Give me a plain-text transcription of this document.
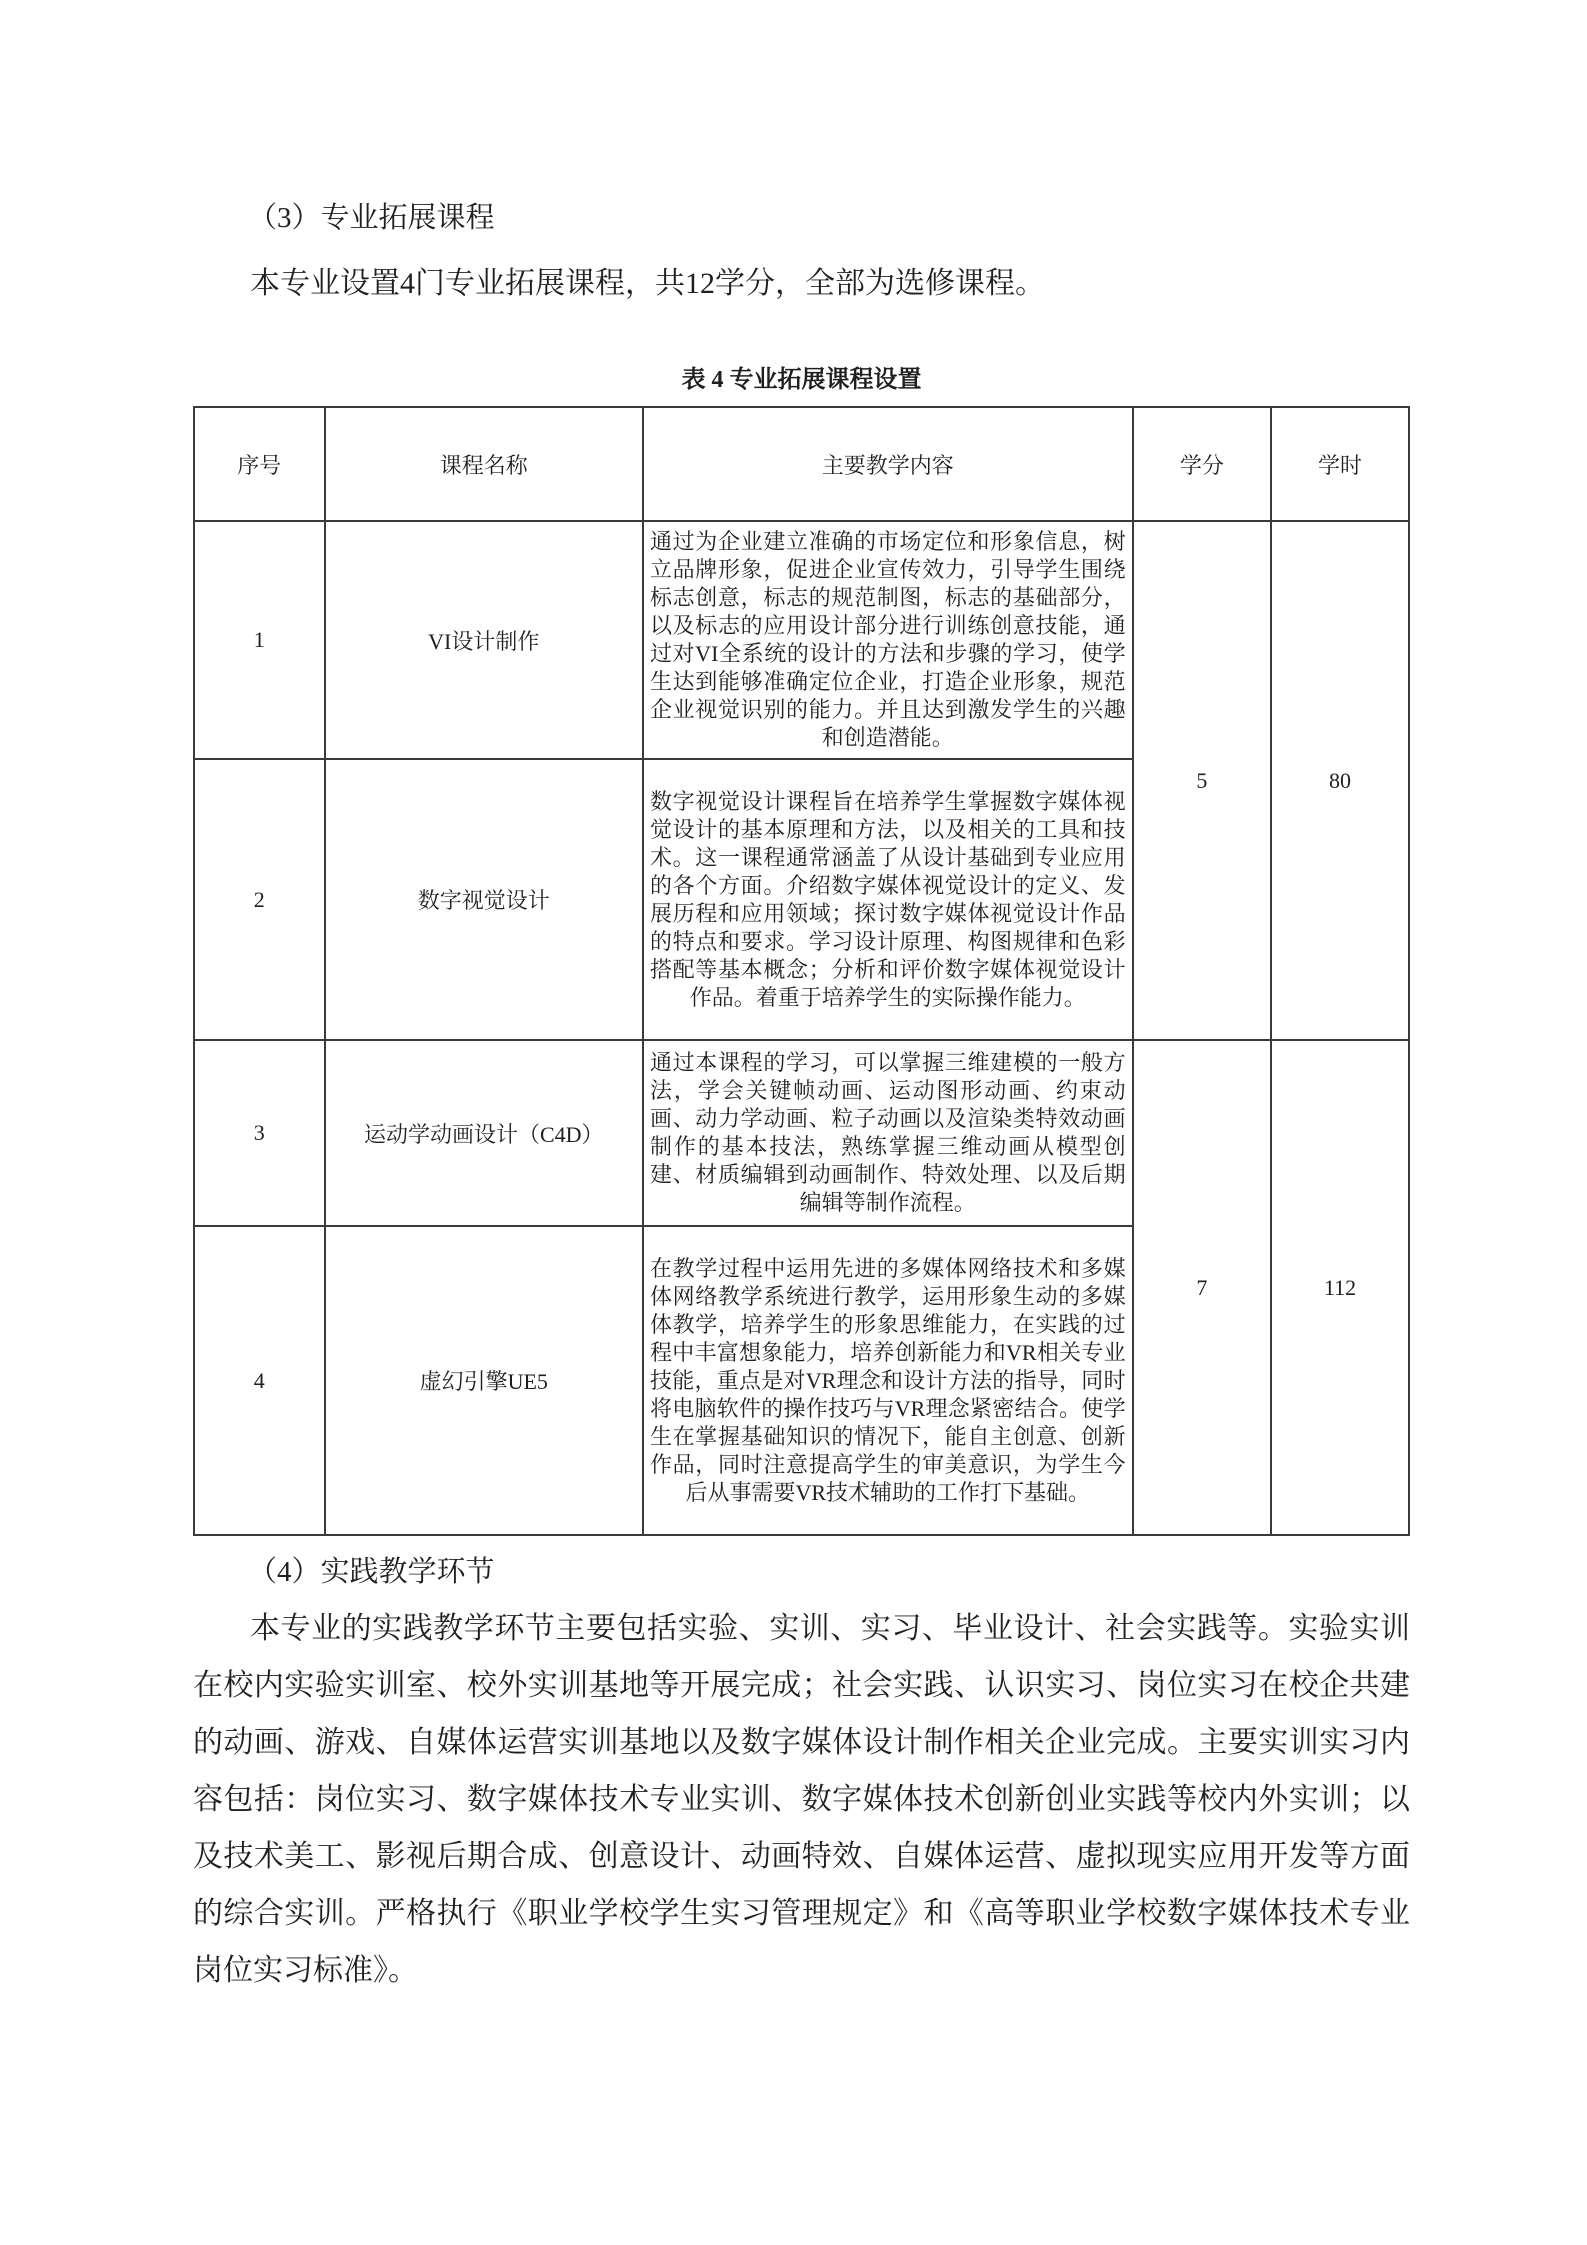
（3）专业拓展课程

本专业设置4门专业拓展课程，共12学分，全部为选修课程。

表 4 专业拓展课程设置
序号	课程名称	主要教学内容	学分	学时
1	VI设计制作	通过为企业建立准确的市场定位和形象信息，树立品牌形象，促进企业宣传效力，引导学生围绕标志创意，标志的规范制图，标志的基础部分，以及标志的应用设计部分进行训练创意技能，通过对VI全系统的设计的方法和步骤的学习，使学生达到能够准确定位企业，打造企业形象，规范企业视觉识别的能力。并且达到激发学生的兴趣和创造潜能。	5	80
2	数字视觉设计	数字视觉设计课程旨在培养学生掌握数字媒体视觉设计的基本原理和方法，以及相关的工具和技术。这一课程通常涵盖了从设计基础到专业应用的各个方面。介绍数字媒体视觉设计的定义、发展历程和应用领域；探讨数字媒体视觉设计作品的特点和要求。学习设计原理、构图规律和色彩搭配等基本概念；分析和评价数字媒体视觉设计作品。着重于培养学生的实际操作能力。		
3	运动学动画设计（C4D）	通过本课程的学习，可以掌握三维建模的一般方法，学会关键帧动画、运动图形动画、约束动画、动力学动画、粒子动画以及渲染类特效动画制作的基本技法，熟练掌握三维动画从模型创建、材质编辑到动画制作、特效处理、以及后期编辑等制作流程。	7	112
4	虚幻引擎UE5	在教学过程中运用先进的多媒体网络技术和多媒体网络教学系统进行教学，运用形象生动的多媒体教学，培养学生的形象思维能力，在实践的过程中丰富想象能力，培养创新能力和VR相关专业技能，重点是对VR理念和设计方法的指导，同时将电脑软件的操作技巧与VR理念紧密结合。使学生在掌握基础知识的情况下，能自主创意、创新作品，同时注意提高学生的审美意识，为学生今后从事需要VR技术辅助的工作打下基础。		
（4）实践教学环节

本专业的实践教学环节主要包括实验、实训、实习、毕业设计、社会实践等。实验实训在校内实验实训室、校外实训基地等开展完成；社会实践、认识实习、岗位实习在校企共建的动画、游戏、自媒体运营实训基地以及数字媒体设计制作相关企业完成。主要实训实习内容包括：岗位实习、数字媒体技术专业实训、数字媒体技术创新创业实践等校内外实训；以及技术美工、影视后期合成、创意设计、动画特效、自媒体运营、虚拟现实应用开发等方面的综合实训。严格执行《职业学校学生实习管理规定》和《高等职业学校数字媒体技术专业岗位实习标准》。
